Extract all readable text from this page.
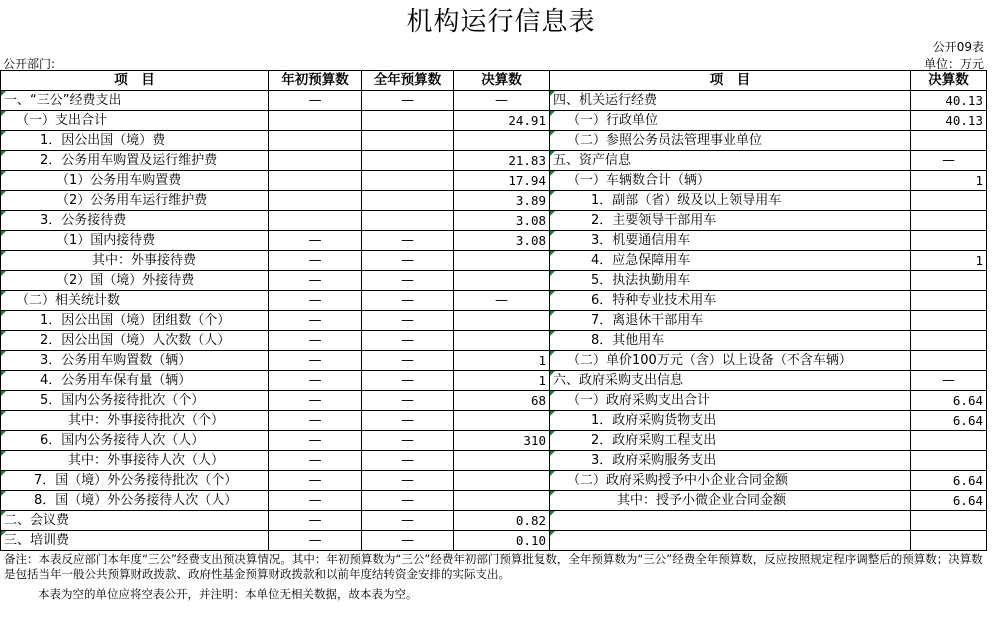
机构运行信息表
公开09表
公开部门:	单位：万元
项　目	年初预算数	全年预算数	决算数	项　目	决算数
一、“三公”经费支出	—	—	—	四、机关运行经费	40.13
（一）支出合计			24.91	（一）行政单位	40.13
1．因公出国（境）费				（二）参照公务员法管理事业单位	
2．公务用车购置及运行维护费			21.83	五、资产信息	—
（1）公务用车购置费			17.94	（一）车辆数合计（辆）	1
（2）公务用车运行维护费			3.89	1．副部（省）级及以上领导用车	
3．公务接待费			3.08	2．主要领导干部用车	
（1）国内接待费	—	—	3.08	3．机要通信用车	
其中：外事接待费	—	—		4．应急保障用车	1
（2）国（境）外接待费	—	—		5．执法执勤用车	
（二）相关统计数	—	—	—	6．特种专业技术用车	
1．因公出国（境）团组数（个）	—	—		7．离退休干部用车	
2．因公出国（境）人次数（人）	—	—		8．其他用车	
3．公务用车购置数（辆）	—	—	1	（二）单价100万元（含）以上设备（不含车辆）	
4．公务用车保有量（辆）	—	—	1	六、政府采购支出信息	—
5．国内公务接待批次（个）	—	—	68	（一）政府采购支出合计	6.64
其中：外事接待批次（个）	—	—		1．政府采购货物支出	6.64
6．国内公务接待人次（人）	—	—	310	2．政府采购工程支出	
其中：外事接待人次（人）	—	—		3．政府采购服务支出	
7．国（境）外公务接待批次（个）	—	—		（二）政府采购授予中小企业合同金额	6.64
8．国（境）外公务接待人次（人）	—	—		其中：授予小微企业合同金额	6.64
二、会议费	—	—	0.82		
三、培训费	—	—	0.10		
备注：本表反应部门本年度“三公”经费支出预决算情况。其中：年初预算数为“三公”经费年初部门预算批复数，全年预算数为“三公”经费全年预算数，反应按照规定程序调整后的预算数；决算数是包括当年一般公共预算财政拨款、政府性基金预算财政拨款和以前年度结转资金安排的实际支出。
本表为空的单位应将空表公开，并注明：本单位无相关数据，故本表为空。
